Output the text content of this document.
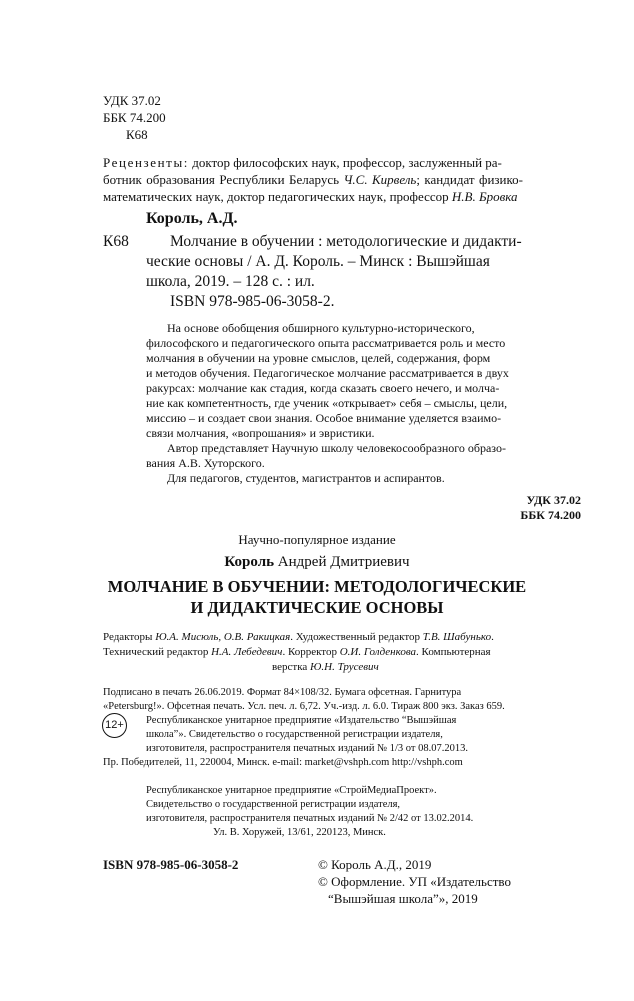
УДК 37.02
ББК 74.200
К68
Рецензенты: доктор философских наук, профессор, заслуженный ра-
ботник образования Республики Беларусь Ч.С. Кирвель; кандидат физико-
математических наук, доктор педагогических наук, профессор Н.В. Бровка
Король, А.Д.
К68	Молчание в обучении : методологические и дидакти-
ческие основы / А. Д. Король. – Минск : Вышэйшая
школа, 2019. – 128 с. : ил.
ISBN 978-985-06-3058-2.
На основе обобщения обширного культурно-исторического,
философского и педагогического опыта рассматривается роль и место
молчания в обучении на уровне смыслов, целей, содержания, форм
и методов обучения. Педагогическое молчание рассматривается в двух
ракурсах: молчание как стадия, когда сказать своего нечего, и молча-
ние как компетентность, где ученик «открывает» себя – смыслы, цели,
миссию – и создает свои знания. Особое внимание уделяется взаимо-
связи молчания, «вопрошания» и эвристики.
Автор представляет Научную школу человекосообразного образо-
вания А.В. Хуторского.
Для педагогов, студентов, магистрантов и аспирантов.
УДК 37.02
ББК 74.200
Научно-популярное издание
Король Андрей Дмитриевич
МОЛЧАНИЕ В ОБУЧЕНИИ: МЕТОДОЛОГИЧЕСКИЕ
И ДИДАКТИЧЕСКИЕ ОСНОВЫ
Редакторы Ю.А. Мисюль, О.В. Ракицкая. Художественный редактор Т.В. Шабунько.
Технический редактор Н.А. Лебедевич. Корректор О.И. Голденкова. Компьютерная
верстка Ю.Н. Трусевич
Подписано в печать 26.06.2019. Формат 84×108/32. Бумага офсетная. Гарнитура
«Petersburg!». Офсетная печать. Усл. печ. л. 6,72. Уч.-изд. л. 6.0. Тираж 800 экз. Заказ 659.
12+	Республиканское унитарное предприятие «Издательство “Вышэйшая
школа”». Свидетельство о государственной регистрации издателя,
изготовителя, распространителя печатных изданий № 1/3 от 08.07.2013.
Пр. Победителей, 11, 220004, Минск. e-mail: market@vshph.com http://vshph.com
Республиканское унитарное предприятие «СтройМедиаПроект».
Свидетельство о государственной регистрации издателя,
изготовителя, распространителя печатных изданий № 2/42 от 13.02.2014.
Ул. В. Хоружей, 13/61, 220123, Минск.
ISBN 978-985-06-3058-2	© Король А.Д., 2019
© Оформление. УП «Издательство
“Вышэйшая школа”», 2019
